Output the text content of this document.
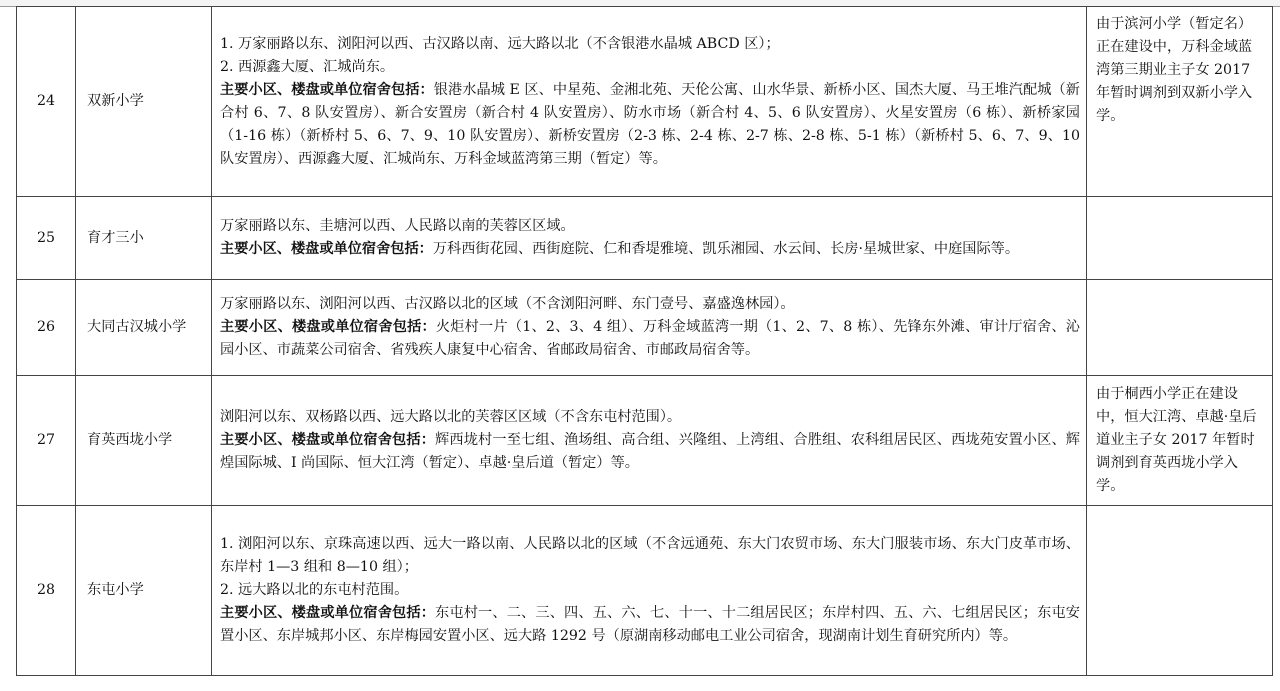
24	双新小学	1. 万家丽路以东、浏阳河以西、古汉路以南、远大路以北（不含银港水晶城 ABCD 区）；
2. 西源鑫大厦、汇城尚东。
主要小区、楼盘或单位宿舍包括：银港水晶城 E 区、中星苑、金湘北苑、天伦公寓、山水华景、新桥小区、国杰大厦、马王堆汽配城（新合村 6、7、8 队安置房）、新合安置房（新合村 4 队安置房）、防水市场（新合村 4、5、6 队安置房）、火星安置房（6 栋）、新桥家园（1-16 栋）（新桥村 5、6、7、9、10 队安置房）、新桥安置房（2-3 栋、2-4 栋、2-7 栋、2-8 栋、5-1 栋）（新桥村 5、6、7、9、10 队安置房）、西源鑫大厦、汇城尚东、万科金域蓝湾第三期（暂定）等。	由于滨河小学（暂定名）正在建设中，万科金域蓝湾第三期业主子女 2017 年暂时调剂到双新小学入学。
25	育才三小	万家丽路以东、圭塘河以西、人民路以南的芙蓉区区域。
主要小区、楼盘或单位宿舍包括：万科西街花园、西街庭院、仁和香堤雅境、凯乐湘园、水云间、长房·星城世家、中庭国际等。	

26	大同古汉城小学	万家丽路以东、浏阳河以西、古汉路以北的区域（不含浏阳河畔、东门壹号、嘉盛逸林园）。
主要小区、楼盘或单位宿舍包括：火炬村一片（1、2、3、4 组）、万科金域蓝湾一期（1、2、7、8 栋）、先锋东外滩、审计厅宿舍、沁园小区、市蔬菜公司宿舍、省残疾人康复中心宿舍、省邮政局宿舍、市邮政局宿舍等。	

27	育英西垅小学	浏阳河以东、双杨路以西、远大路以北的芙蓉区区域（不含东屯村范围）。
主要小区、楼盘或单位宿舍包括：辉西垅村一至七组、渔场组、高合组、兴隆组、上湾组、合胜组、农科组居民区、西垅苑安置小区、辉煌国际城、I 尚国际、恒大江湾（暂定）、卓越·皇后道（暂定）等。	由于桐西小学正在建设中，恒大江湾、卓越·皇后道业主子女 2017 年暂时调剂到育英西垅小学入学。
28	东屯小学	1. 浏阳河以东、京珠高速以西、远大一路以南、人民路以北的区域（不含远通苑、东大门农贸市场、东大门服装市场、东大门皮革市场、东岸村 1—3 组和 8—10 组）；
2. 远大路以北的东屯村范围。
主要小区、楼盘或单位宿舍包括：东屯村一、二、三、四、五、六、七、十一、十二组居民区；东岸村四、五、六、七组居民区；东屯安置小区、东岸城邦小区、东岸梅园安置小区、远大路 1292 号（原湖南移动邮电工业公司宿舍，现湖南计划生育研究所内）等。	
